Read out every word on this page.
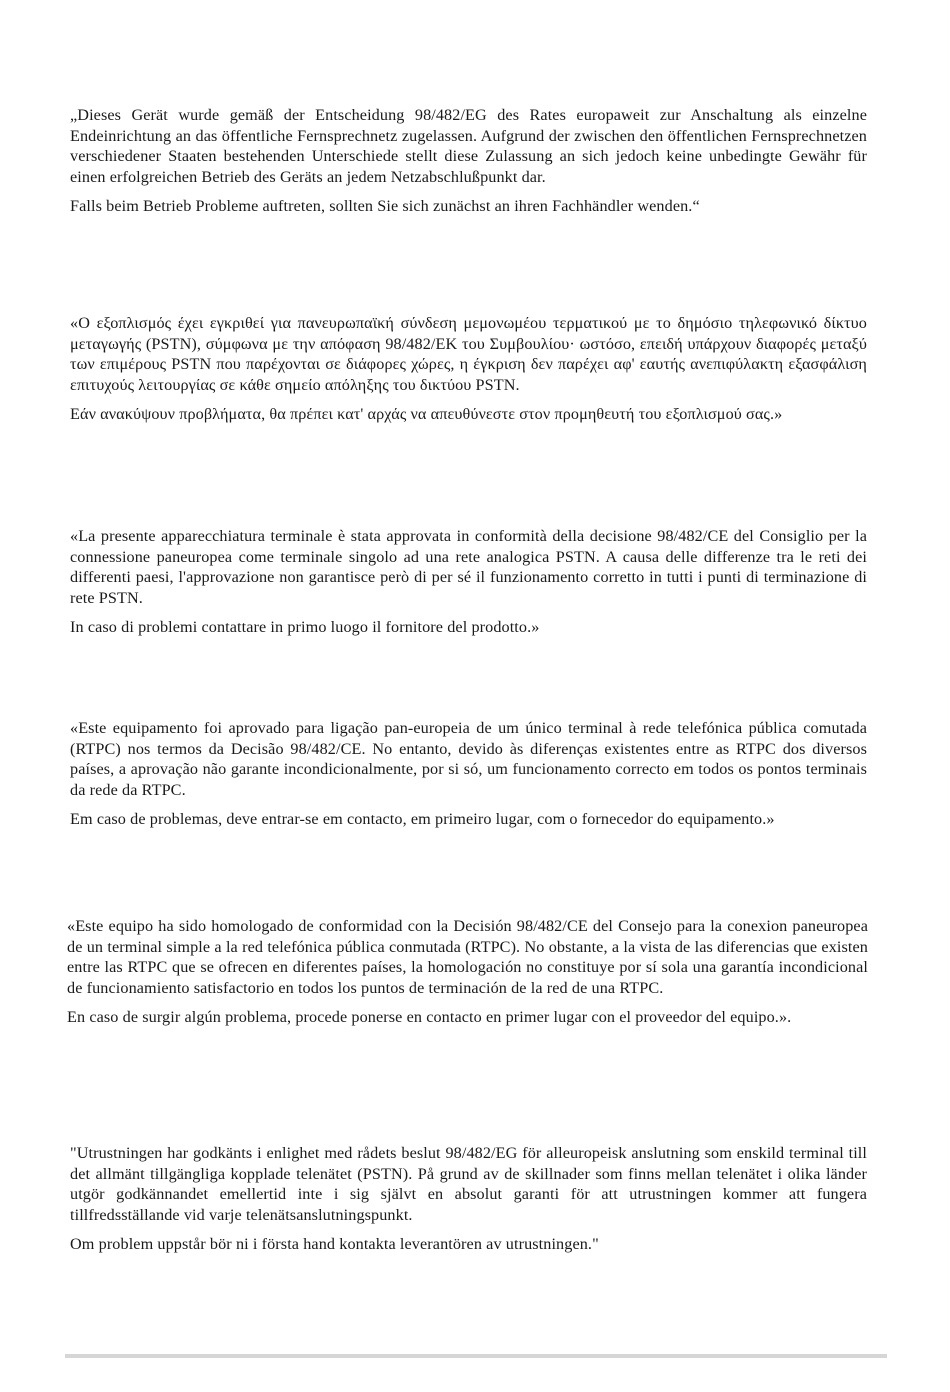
„Dieses Gerät wurde gemäß der Entscheidung 98/482/EG des Rates europaweit zur Anschaltung als einzelne Endeinrichtung an das öffentliche Fernsprechnetz zugelassen. Aufgrund der zwischen den öffentlichen Fernsprechnetzen verschiedener Staaten bestehenden Unterschiede stellt diese Zulassung an sich jedoch keine unbedingte Gewähr für einen erfolgreichen Betrieb des Geräts an jedem Netzabschlußpunkt dar.

Falls beim Betrieb Probleme auftreten, sollten Sie sich zunächst an ihren Fachhändler wenden.“

«Ο εξοπλισμός έχει εγκριθεί για πανευρωπαϊκή σύνδεση μεμονωμέου τερματικού με το δημόσιο τηλεφωνικό δίκτυο μεταγωγής (PSTN), σύμφωνα με την απόφαση 98/482/ΕΚ του Συμβουλίου· ωστόσο, επειδή υπάρχουν διαφορές μεταξύ των επιμέρους PSTN που παρέχονται σε διάφορες χώρες, η έγκριση δεν παρέχει αφ' εαυτής ανεπιφύλακτη εξασφάλιση επιτυχούς λειτουργίας σε κάθε σημείο απόληξης του δικτύου PSTN.

Εάν ανακύψουν προβλήματα, θα πρέπει κατ' αρχάς να απευθύνεστε στον προμηθευτή του εξοπλισμού σας.»

«La presente apparecchiatura terminale è stata approvata in conformità della decisione 98/482/CE del Consiglio per la connessione paneuropea come terminale singolo ad una rete analogica PSTN. A causa delle differenze tra le reti dei differenti paesi, l'approvazione non garantisce però di per sé il funzionamento corretto in tutti i punti di terminazione di rete PSTN.

In caso di problemi contattare in primo luogo il fornitore del prodotto.»

«Este equipamento foi aprovado para ligação pan-europeia de um único terminal à rede telefónica pública comutada (RTPC) nos termos da Decisão 98/482/CE. No entanto, devido às diferenças existentes entre as RTPC dos diversos países, a aprovação não garante incondicionalmente, por si só, um funcionamento correcto em todos os pontos terminais da rede da RTPC.

Em caso de problemas, deve entrar-se em contacto, em primeiro lugar, com o fornecedor do equipamento.»

«Este equipo ha sido homologado de conformidad con la Decisión 98/482/CE del Consejo para la conexion paneuropea de un terminal simple a la red telefónica pública conmutada (RTPC). No obstante, a la vista de las diferencias que existen entre las RTPC que se ofrecen en diferentes países, la homologación no constituye por sí sola una garantía incondicional de funcionamiento satisfactorio en todos los puntos de terminación de la red de una RTPC.

En caso de surgir algún problema, procede ponerse en contacto en primer lugar con el proveedor del equipo.».

"Utrustningen har godkänts i enlighet med rådets beslut 98/482/EG för alleuropeisk anslutning som enskild terminal till det allmänt tillgängliga kopplade telenätet (PSTN). På grund av de skillnader som finns mellan telenätet i olika länder utgör godkännandet emellertid inte i sig självt en absolut garanti för att utrustningen kommer att fungera tillfredsställande vid varje telenätsanslutningspunkt.

Om problem uppstår bör ni i första hand kontakta leverantören av utrustningen."
